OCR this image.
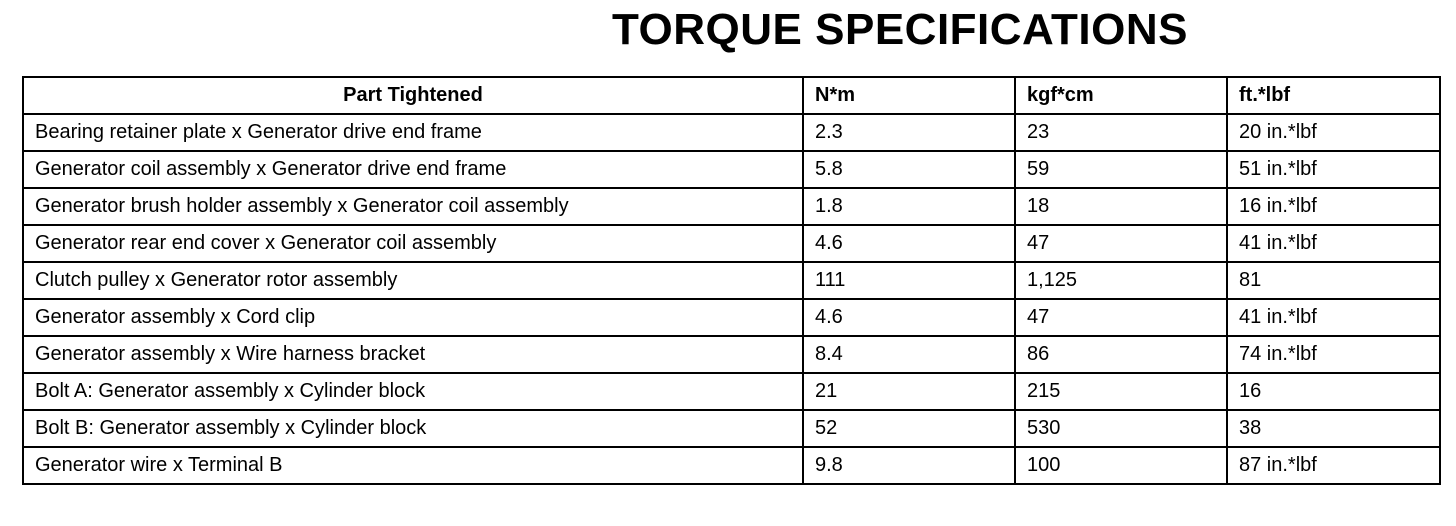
TORQUE SPECIFICATIONS
Part Tightened	N*m	kgf*cm	ft.*lbf
Bearing retainer plate x Generator drive end frame	2.3	23	20 in.*lbf
Generator coil assembly x Generator drive end frame	5.8	59	51 in.*lbf
Generator brush holder assembly x Generator coil assembly	1.8	18	16 in.*lbf
Generator rear end cover x Generator coil assembly	4.6	47	41 in.*lbf
Clutch pulley x Generator rotor assembly	111	1,125	81
Generator assembly x Cord clip	4.6	47	41 in.*lbf
Generator assembly x Wire harness bracket	8.4	86	74 in.*lbf
Bolt A: Generator assembly x Cylinder block	21	215	16
Bolt B: Generator assembly x Cylinder block	52	530	38
Generator wire x Terminal B	9.8	100	87 in.*lbf
